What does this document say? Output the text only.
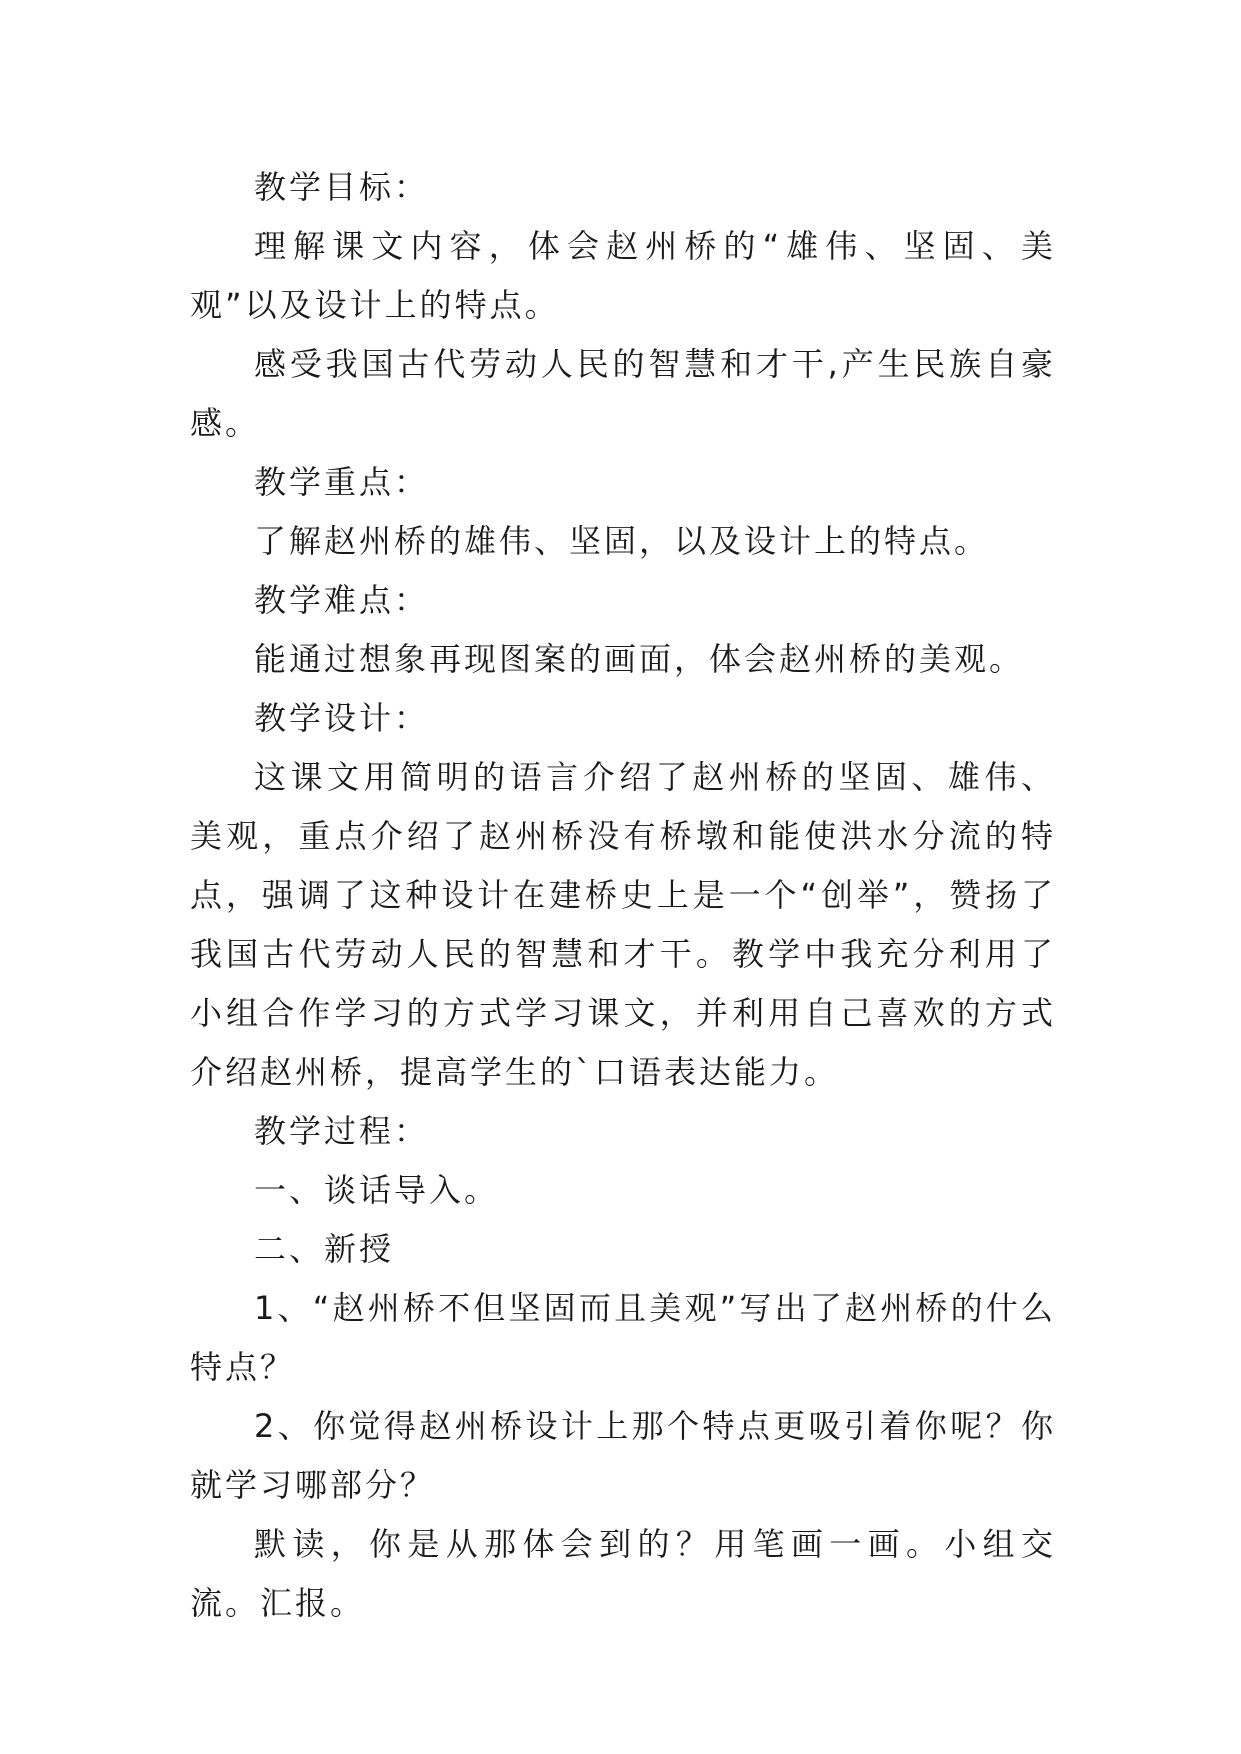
教学目标：

理解课文内容，体会赵州桥的“雄伟、坚固、美观”以及设计上的特点。

感受我国古代劳动人民的智慧和才干,产生民族自豪感。

教学重点：

了解赵州桥的雄伟、坚固，以及设计上的特点。

教学难点：

能通过想象再现图案的画面，体会赵州桥的美观。

教学设计：

这课文用简明的语言介绍了赵州桥的坚固、雄伟、美观，重点介绍了赵州桥没有桥墩和能使洪水分流的特点，强调了这种设计在建桥史上是一个“创举”，赞扬了我国古代劳动人民的智慧和才干。教学中我充分利用了小组合作学习的方式学习课文，并利用自己喜欢的方式介绍赵州桥，提高学生的`口语表达能力。

教学过程：

一、谈话导入。

二、新授

1、“赵州桥不但坚固而且美观”写出了赵州桥的什么特点？

2、你觉得赵州桥设计上那个特点更吸引着你呢？你就学习哪部分？

默读，你是从那体会到的？用笔画一画。小组交流。汇报。
